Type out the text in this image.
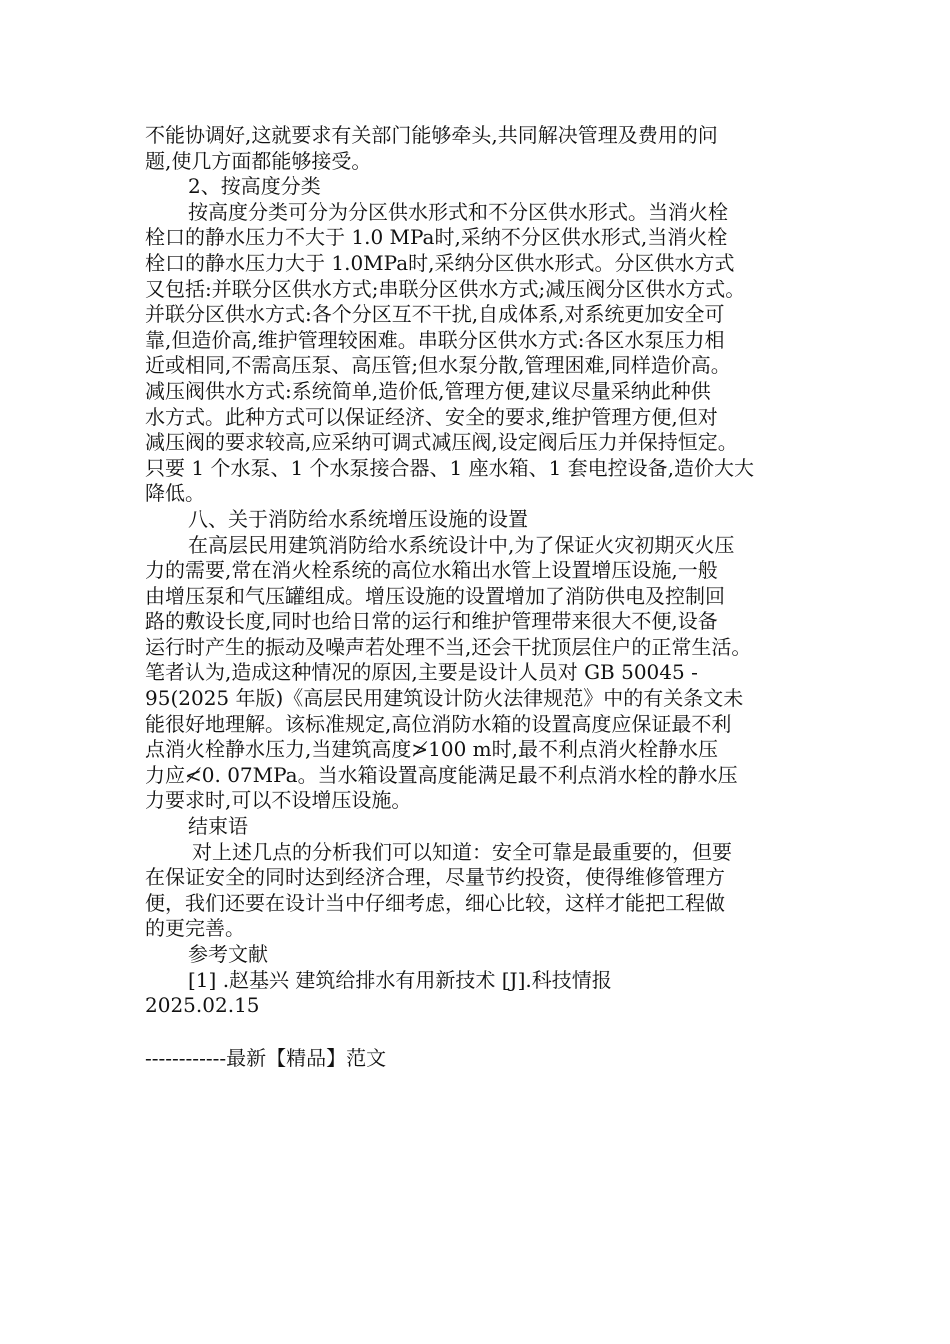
不能协调好,这就要求有关部门能够牵头,共同解决管理及费用的问
题,使几方面都能够接受。
2、按高度分类
按高度分类可分为分区供水形式和不分区供水形式。当消火栓
栓口的静水压力不大于 1.0 MPa时,采纳不分区供水形式,当消火栓
栓口的静水压力大于 1.0MPa时,采纳分区供水形式。分区供水方式
又包括:并联分区供水方式;串联分区供水方式;减压阀分区供水方式。
并联分区供水方式:各个分区互不干扰,自成体系,对系统更加安全可
靠,但造价高,维护管理较困难。串联分区供水方式:各区水泵压力相
近或相同,不需高压泵、高压管;但水泵分散,管理困难,同样造价高。
减压阀供水方式:系统简单,造价低,管理方便,建议尽量采纳此种供
水方式。此种方式可以保证经济、安全的要求,维护管理方便,但对
减压阀的要求较高,应采纳可调式减压阀,设定阀后压力并保持恒定。
只要 1 个水泵、1 个水泵接合器、1 座水箱、1 套电控设备,造价大大
降低。
八、关于消防给水系统增压设施的设置
在高层民用建筑消防给水系统设计中,为了保证火灾初期灭火压
力的需要,常在消火栓系统的高位水箱出水管上设置增压设施,一般
由增压泵和气压罐组成。增压设施的设置增加了消防供电及控制回
路的敷设长度,同时也给日常的运行和维护管理带来很大不便,设备
运行时产生的振动及噪声若处理不当,还会干扰顶层住户的正常生活。
笔者认为,造成这种情况的原因,主要是设计人员对 GB 50045 -
95(2025 年版)《高层民用建筑设计防火法律规范》中的有关条文未
能很好地理解。该标准规定,高位消防水箱的设置高度应保证最不利
点消火栓静水压力,当建筑高度≯100 m时,最不利点消火栓静水压
力应≮0. 07MPa。当水箱设置高度能满足最不利点消水栓的静水压
力要求时,可以不设增压设施。
结束语
对上述几点的分析我们可以知道：安全可靠是最重要的，但要
在保证安全的同时达到经济合理，尽量节约投资，使得维修管理方
便，我们还要在设计当中仔细考虑，细心比较，这样才能把工程做
的更完善。
参考文献
[1] .赵基兴 建筑给排水有用新技术 [J].科技情报
2025.02.15
------------最新【精品】范文
